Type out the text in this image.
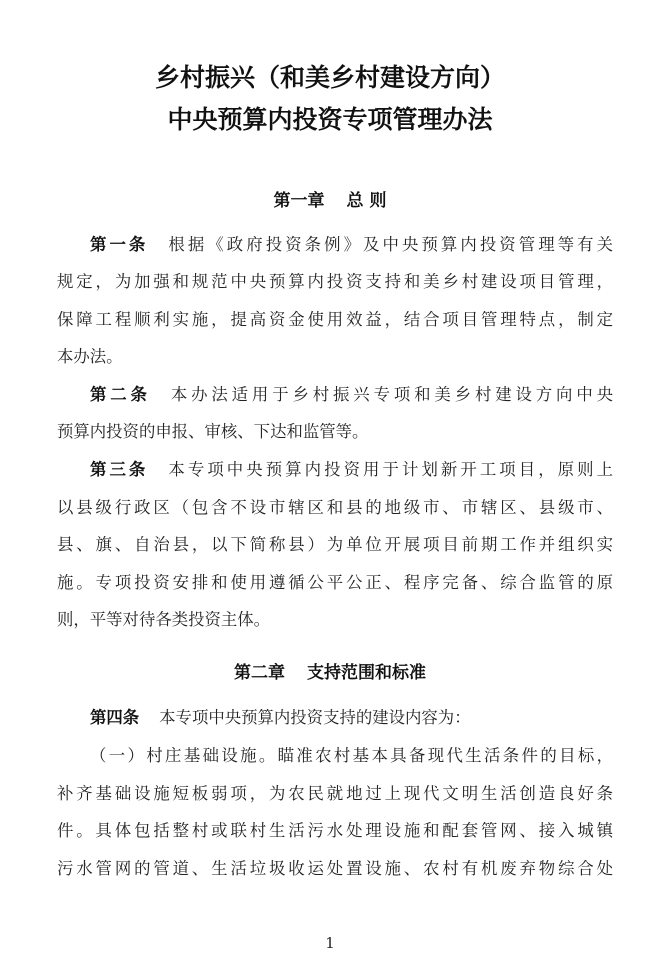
乡村振兴（和美乡村建设方向）
中央预算内投资专项管理办法
第一章 总 则
第一条 根据《政府投资条例》及中央预算内投资管理等有关
规定，为加强和规范中央预算内投资支持和美乡村建设项目管理，
保障工程顺利实施，提高资金使用效益，结合项目管理特点，制定
本办法。
第二条 本办法适用于乡村振兴专项和美乡村建设方向中央
预算内投资的申报、审核、下达和监管等。
第三条 本专项中央预算内投资用于计划新开工项目，原则上
以县级行政区（包含不设市辖区和县的地级市、市辖区、县级市、
县、旗、自治县，以下简称县）为单位开展项目前期工作并组织实
施。专项投资安排和使用遵循公平公正、程序完备、综合监管的原
则，平等对待各类投资主体。
第二章 支持范围和标准
第四条 本专项中央预算内投资支持的建设内容为：
（一）村庄基础设施。瞄准农村基本具备现代生活条件的目标，
补齐基础设施短板弱项，为农民就地过上现代文明生活创造良好条
件。具体包括整村或联村生活污水处理设施和配套管网、接入城镇
污水管网的管道、生活垃圾收运处置设施、农村有机废弃物综合处
1
